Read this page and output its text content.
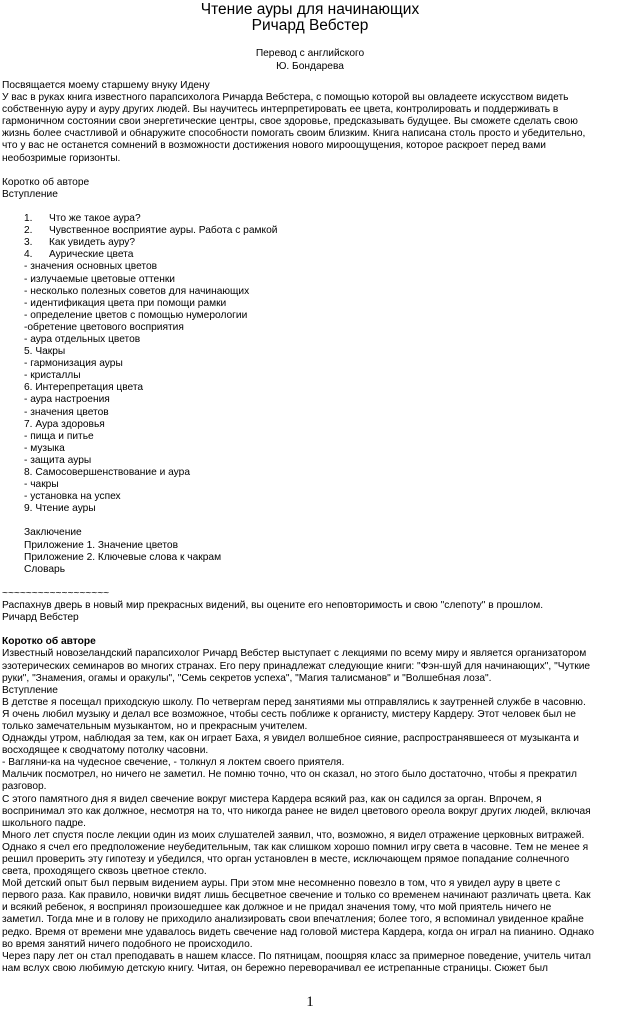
Чтение ауры для начинающих
Ричард Вебстер
Перевод с английского
Ю. Бондарева

Посвящается моему старшему внуку Идену

У вас в руках книга известного парапсихолога Ричарда Вебстера, с помощью которой вы овладеете искусством видеть

собственную ауру и ауру других людей. Вы научитесь интерпретировать ее цвета, контролировать и поддерживать в

гармоничном состоянии свои энергетические центры, свое здоровье, предсказывать будущее. Вы сможете сделать свою

жизнь более счастливой и обнаружите способности помогать своим близким. Книга написана столь просто и убедительно,

что у вас не останется сомнений в возможности достижения нового мироощущения, которое раскроет перед вами

необозримые горизонты.

Коротко об авторе

Вступление

1. Что же такое аура?

2. Чувственное восприятие ауры. Работа с рамкой

3. Как увидеть ауру?

4. Аурические цвета

- значения основных цветов

- излучаемые цветовые оттенки

- несколько полезных советов для начинающих

- идентификация цвета при помощи рамки

- определение цветов с помощью нумерологии

-обретение цветового восприятия

- аура отдельных цветов

5. Чакры

- гармонизация ауры

- кристаллы

6. Интерепретация цвета

- аура настроения

- значения цветов

7. Аура здоровья

- пища и питье

- музыка

- защита ауры

8. Самосовершенствование и аура

- чакры

- установка на успех

9. Чтение ауры

Заключение

Приложение 1. Значение цветов

Приложение 2. Ключевые слова к чакрам

Словарь

~~~~~~~~~~~~~~~~~~

Распахнув дверь в новый мир прекрасных видений, вы оцените его неповторимость и свою "слепоту" в прошлом.

Ричард Вебстер

Коротко об авторе

Известный новозеландский парапсихолог Ричард Вебстер выступает с лекциями по всему миру и является организатором

эзотерических семинаров во многих странах. Его перу принадлежат следующие книги: "Фэн-шуй для начинающих", "Чуткие

руки", "Знамения, огамы и оракулы", "Семь секретов успеха", "Магия талисманов" и "Волшебная лоза".

Вступление

В детстве я посещал приходскую школу. По четвергам перед занятиями мы отправлялись к заутренней службе в часовню.

Я очень любил музыку и делал все возможное, чтобы сесть поближе к органисту, мистеру Кардеру. Этот человек был не

только замечательным музыкантом, но и прекрасным учителем.

Однажды утром, наблюдая за тем, как он играет Баха, я увидел волшебное сияние, распространявшееся от музыканта и

восходящее к сводчатому потолку часовни.

- Вагляни-ка на чудесное свечение, - толкнул я локтем своего приятеля.

Мальчик посмотрел, но ничего не заметил. Не помню точно, что он сказал, но этого было достаточно, чтобы я прекратил

разговор.

С этого памятного дня я видел свечение вокруг мистера Кардера всякий раз, как он садился за орган. Впрочем, я

воспринимал это как должное, несмотря на то, что никогда ранее не видел цветового ореола вокруг других людей, включая

школьного падре.

Много лет спустя после лекции один из моих слушателей заявил, что, возможно, я видел отражение церковных витражей.

Однако я счел его предположение неубедительным, так как слишком хорошо помнил игру света в часовне. Тем не менее я

решил проверить эту гипотезу и убедился, что орган установлен в месте, исключающем прямое попадание солнечного

света, проходящего сквозь цветное стекло.

Мой детский опыт был первым видением ауры. При этом мне несомненно повезло в том, что я увидел ауру в цвете с

первого раза. Как правило, новички видят лишь бесцветное свечение и только со временем начинают различать цвета. Как

и всякий ребенок, я воспринял произошедшее как должное и не придал значения тому, что мой приятель ничего не

заметил. Тогда мне и в голову не приходило анализировать свои впечатления; более того, я вспоминал увиденное крайне

редко. Время от времени мне удавалось видеть свечение над головой мистера Кардера, когда он играл на пианино. Однако

во время занятий ничего подобного не происходило.

Через пару лет он стал преподавать в нашем классе. По пятницам, поощряя класс за примерное поведение, учитель читал

нам вслух свою любимую детскую книгу. Читая, он бережно переворачивал ее истрепанные страницы. Сюжет был

1
